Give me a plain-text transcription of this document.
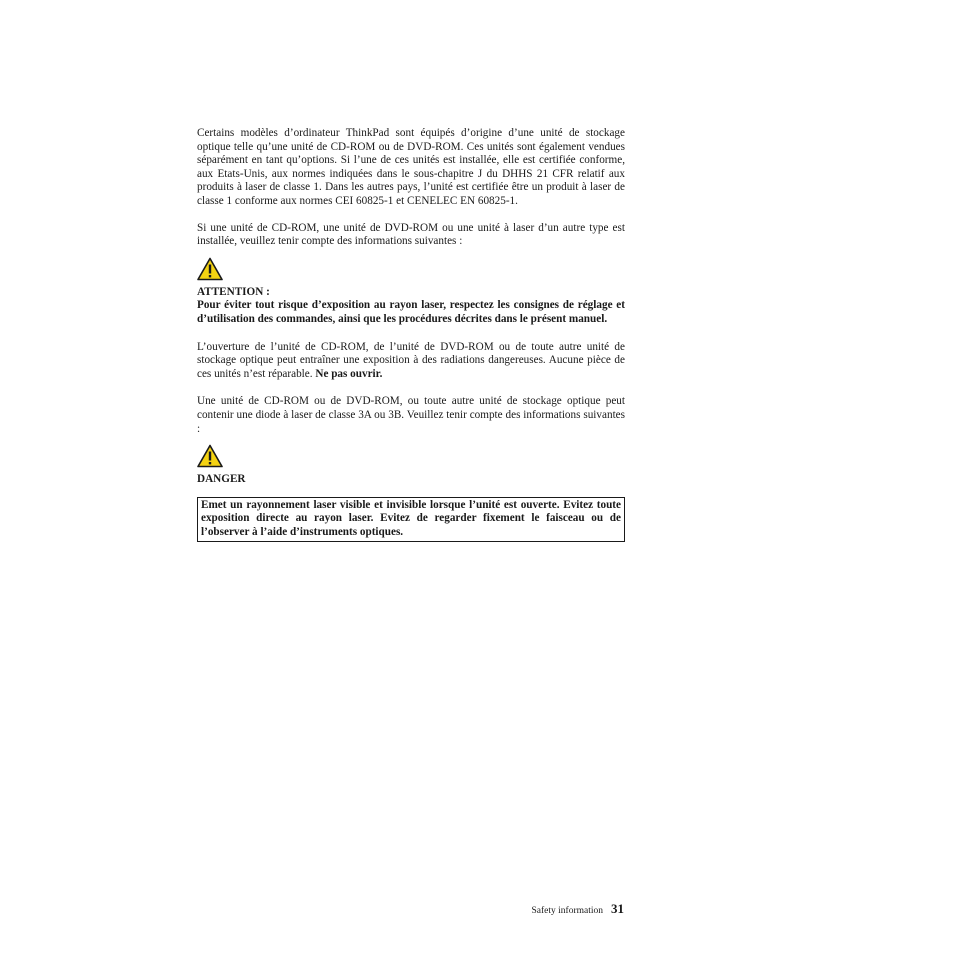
Certains modèles d’ordinateur ThinkPad sont équipés d’origine d’une unité de stockage optique telle qu’une unité de CD-ROM ou de DVD-ROM. Ces unités sont également vendues séparément en tant qu’options. Si l’une de ces unités est installée, elle est certifiée conforme, aux Etats-Unis, aux normes indiquées dans le sous-chapitre J du DHHS 21 CFR relatif aux produits à laser de classe 1. Dans les autres pays, l’unité est certifiée être un produit à laser de classe 1 conforme aux normes CEI 60825-1 et CENELEC EN 60825-1.

Si une unité de CD-ROM, une unité de DVD-ROM ou une unité à laser d’un autre type est installée, veuillez tenir compte des informations suivantes :

ATTENTION :

Pour éviter tout risque d’exposition au rayon laser, respectez les consignes de réglage et d’utilisation des commandes, ainsi que les procédures décrites dans le présent manuel.

L’ouverture de l’unité de CD-ROM, de l’unité de DVD-ROM ou de toute autre unité de stockage optique peut entraîner une exposition à des radiations dangereuses. Aucune pièce de ces unités n’est réparable. Ne pas ouvrir.

Une unité de CD-ROM ou de DVD-ROM, ou toute autre unité de stockage optique peut contenir une diode à laser de classe 3A ou 3B. Veuillez tenir compte des informations suivantes :

DANGER

Emet un rayonnement laser visible et invisible lorsque l’unité est ouverte. Evitez toute exposition directe au rayon laser. Evitez de regarder fixement le faisceau ou de l’observer à l’aide d’instruments optiques.
Safety information 31
